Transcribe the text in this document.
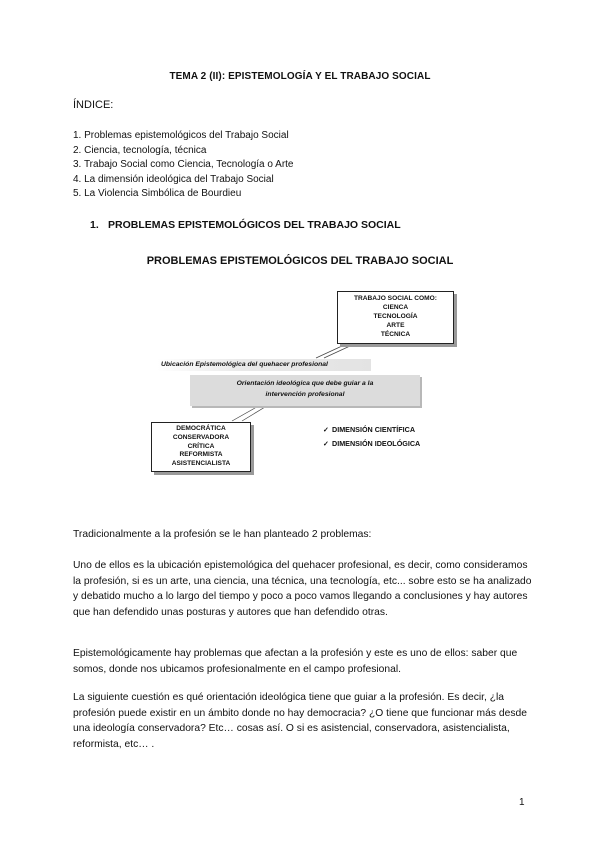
TEMA 2 (II): EPISTEMOLOGÍA Y EL TRABAJO SOCIAL
ÍNDICE:
1. Problemas epistemológicos del Trabajo Social
2. Ciencia, tecnología, técnica
3. Trabajo Social como Ciencia, Tecnología o Arte
4. La dimensión ideológica del Trabajo Social
5. La Violencia Simbólica de Bourdieu
1. PROBLEMAS EPISTEMOLÓGICOS DEL TRABAJO SOCIAL
PROBLEMAS EPISTEMOLÓGICOS DEL TRABAJO SOCIAL
TRABAJO SOCIAL COMO:
CIENCA
TECNOLOGÍA
ARTE
TÉCNICA
Ubicación Epistemológica del quehacer profesional
Orientación ideológica que debe guiar a la
intervención profesional
DEMOCRÁTICA
CONSERVADORA
CRÍTICA
REFORMISTA
ASISTENCIALISTA
✓ DIMENSIÓN CIENTÍFICA
✓ DIMENSIÓN IDEOLÓGICA

Tradicionalmente a la profesión se le han planteado 2 problemas:

Uno de ellos es la ubicación epistemológica del quehacer profesional, es decir, como consideramos la profesión, si es un arte, una ciencia, una técnica, una tecnología, etc... sobre esto se ha analizado y debatido mucho a lo largo del tiempo y poco a poco vamos llegando a conclusiones y hay autores que han defendido unas posturas y autores que han defendido otras.

Epistemológicamente hay problemas que afectan a la profesión y este es uno de ellos: saber que somos, donde nos ubicamos profesionalmente en el campo profesional.

La siguiente cuestión es qué orientación ideológica tiene que guiar a la profesión. Es decir, ¿la profesión puede existir en un ámbito donde no hay democracia? ¿O tiene que funcionar más desde una ideología conservadora? Etc… cosas así. O si es asistencial, conservadora, asistencialista, reformista, etc… .

1
